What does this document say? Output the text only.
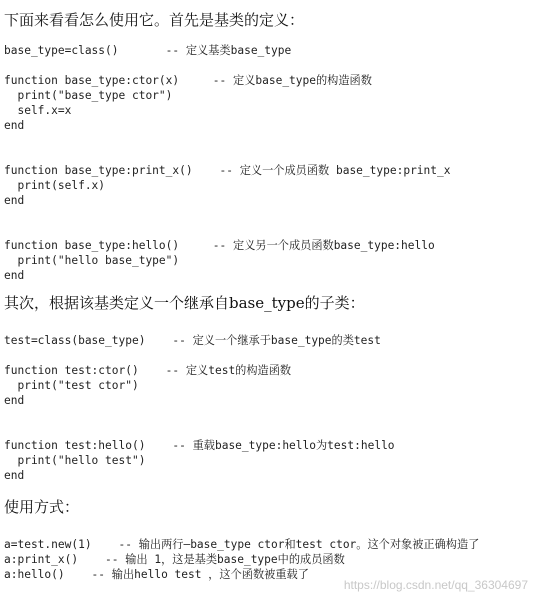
下面来看看怎么使用它。首先是基类的定义：
base_type=class()       -- 定义基类base_type
function base_type:ctor(x)     -- 定义base_type的构造函数
print("base_type ctor")
self.x=x
end
function base_type:print_x()    -- 定义一个成员函数 base_type:print_x
print(self.x)
end
function base_type:hello()     -- 定义另一个成员函数base_type:hello
print("hello base_type")
end
其次，根据该基类定义一个继承自base_type的子类：
test=class(base_type)    -- 定义一个继承于base_type的类test
function test:ctor()    -- 定义test的构造函数
print("test ctor")
end
function test:hello()    -- 重载base_type:hello为test:hello
print("hello test")
end
使用方式：
a=test.new(1)    -- 输出两行—base_type ctor和test ctor。这个对象被正确构造了
a:print_x()    -- 输出 1，这是基类base_type中的成员函数
a:hello()    -- 输出hello test ，这个函数被重载了
https://blog.csdn.net/qq_36304697
